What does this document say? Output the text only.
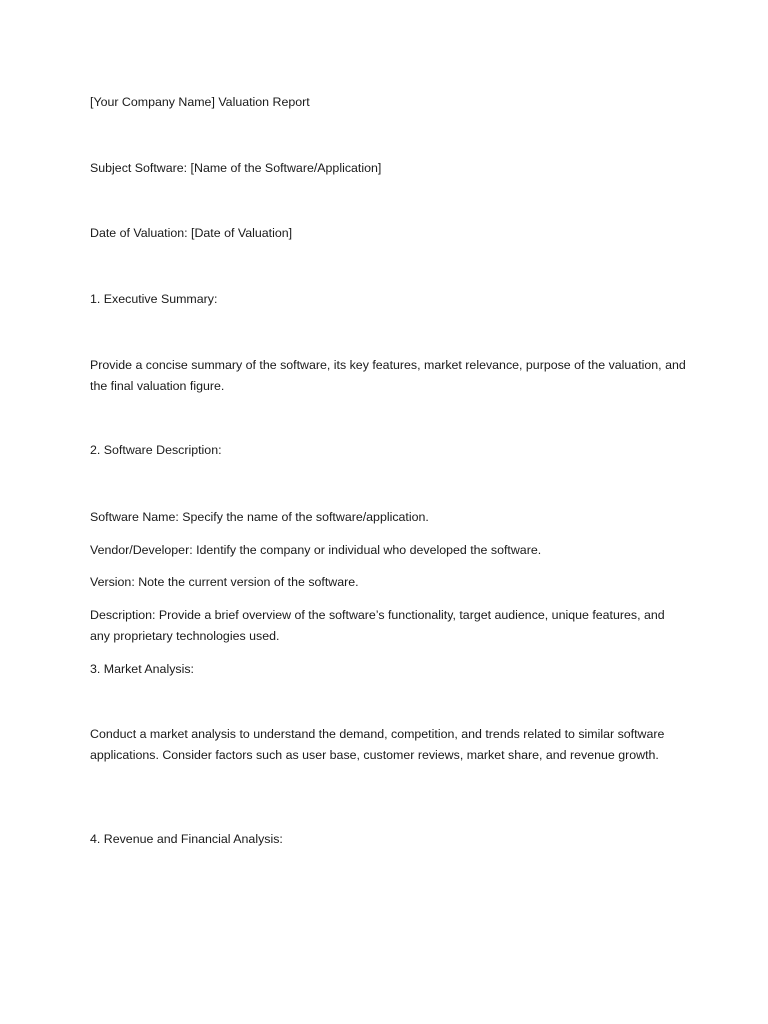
[Your Company Name] Valuation Report

Subject Software: [Name of the Software/Application]

Date of Valuation: [Date of Valuation]

1. Executive Summary:

Provide a concise summary of the software, its key features, market relevance, purpose of the valuation, and the final valuation figure.

2. Software Description:

Software Name: Specify the name of the software/application.

Vendor/Developer: Identify the company or individual who developed the software.

Version: Note the current version of the software.

Description: Provide a brief overview of the software’s functionality, target audience, unique features, and any proprietary technologies used.

3. Market Analysis:

Conduct a market analysis to understand the demand, competition, and trends related to similar software applications. Consider factors such as user base, customer reviews, market share, and revenue growth.

4. Revenue and Financial Analysis:
